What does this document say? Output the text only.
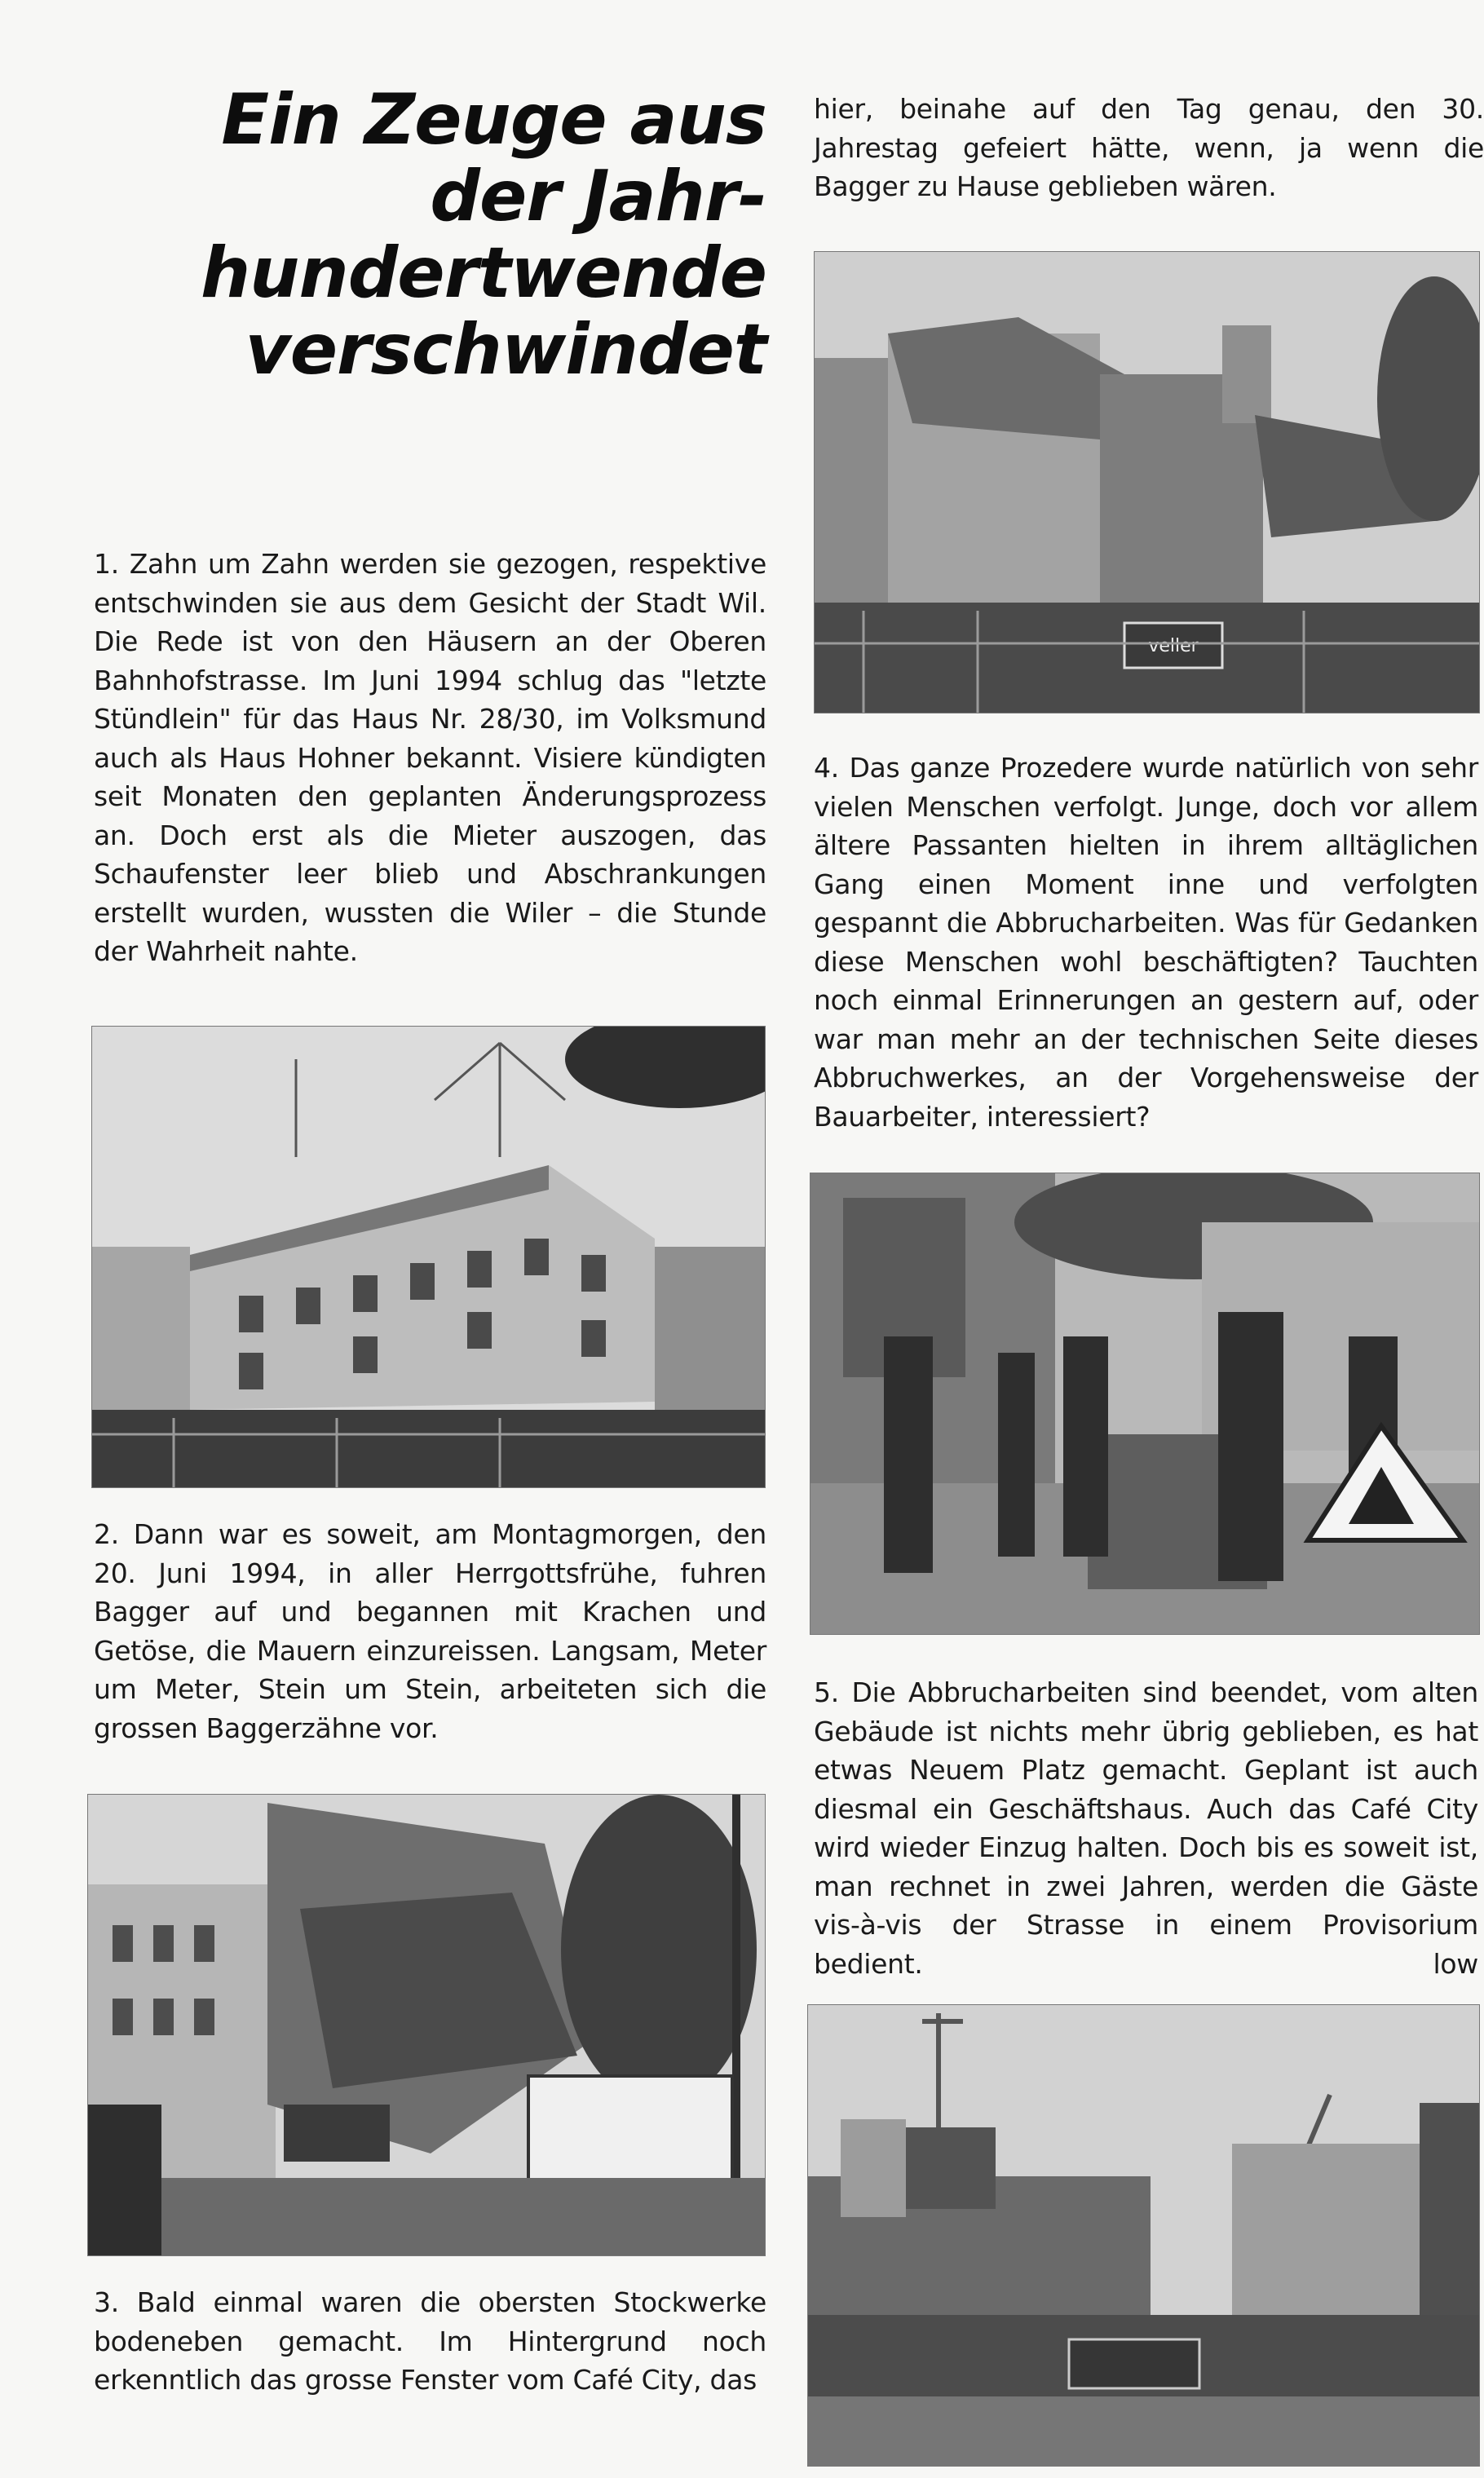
Ein Zeuge aus
der Jahr-
hundertwende
verschwindet

hier, beinahe auf den Tag genau, den 30. Jahrestag gefeiert hätte, wenn, ja wenn die Bagger zu Hause geblieben wären.

veller

4. Das ganze Prozedere wurde natürlich von sehr vielen Menschen verfolgt. Junge, doch vor allem ältere Passanten hielten in ihrem alltäglichen Gang einen Moment inne und verfolgten gespannt die Abbrucharbeiten. Was für Gedanken diese Menschen wohl beschäftigten? Tauchten noch einmal Erinnerungen an gestern auf, oder war man mehr an der technischen Seite dieses Abbruchwerkes, an der Vorgehensweise der Bauarbeiter, interessiert?

5. Die Abbrucharbeiten sind beendet, vom alten Gebäude ist nichts mehr übrig geblieben, es hat etwas Neuem Platz gemacht. Geplant ist auch diesmal ein Geschäftshaus. Auch das Café City wird wieder Einzug halten. Doch bis es soweit ist, man rechnet in zwei Jahren, werden die Gäste vis-à-vis der Strasse in einem Provisorium bedient.	low

1. Zahn um Zahn werden sie gezogen, respektive entschwinden sie aus dem Gesicht der Stadt Wil. Die Rede ist von den Häusern an der Oberen Bahnhofstrasse. Im Juni 1994 schlug das "letzte Stündlein" für das Haus Nr. 28/30, im Volksmund auch als Haus Hohner bekannt. Visiere kündigten seit Monaten den geplanten Änderungsprozess an. Doch erst als die Mieter auszogen, das Schaufenster leer blieb und Abschrankungen erstellt wurden, wussten die Wiler – die Stunde der Wahrheit nahte.

2. Dann war es soweit, am Montagmorgen, den 20. Juni 1994, in aller Herrgottsfrühe, fuhren Bagger auf und begannen mit Krachen und Getöse, die Mauern einzureissen. Langsam, Meter um Meter, Stein um Stein, arbeiteten sich die grossen Baggerzähne vor.

3. Bald einmal waren die obersten Stockwerke bodeneben gemacht. Im Hintergrund noch erkenntlich das grosse Fenster vom Café City, das
